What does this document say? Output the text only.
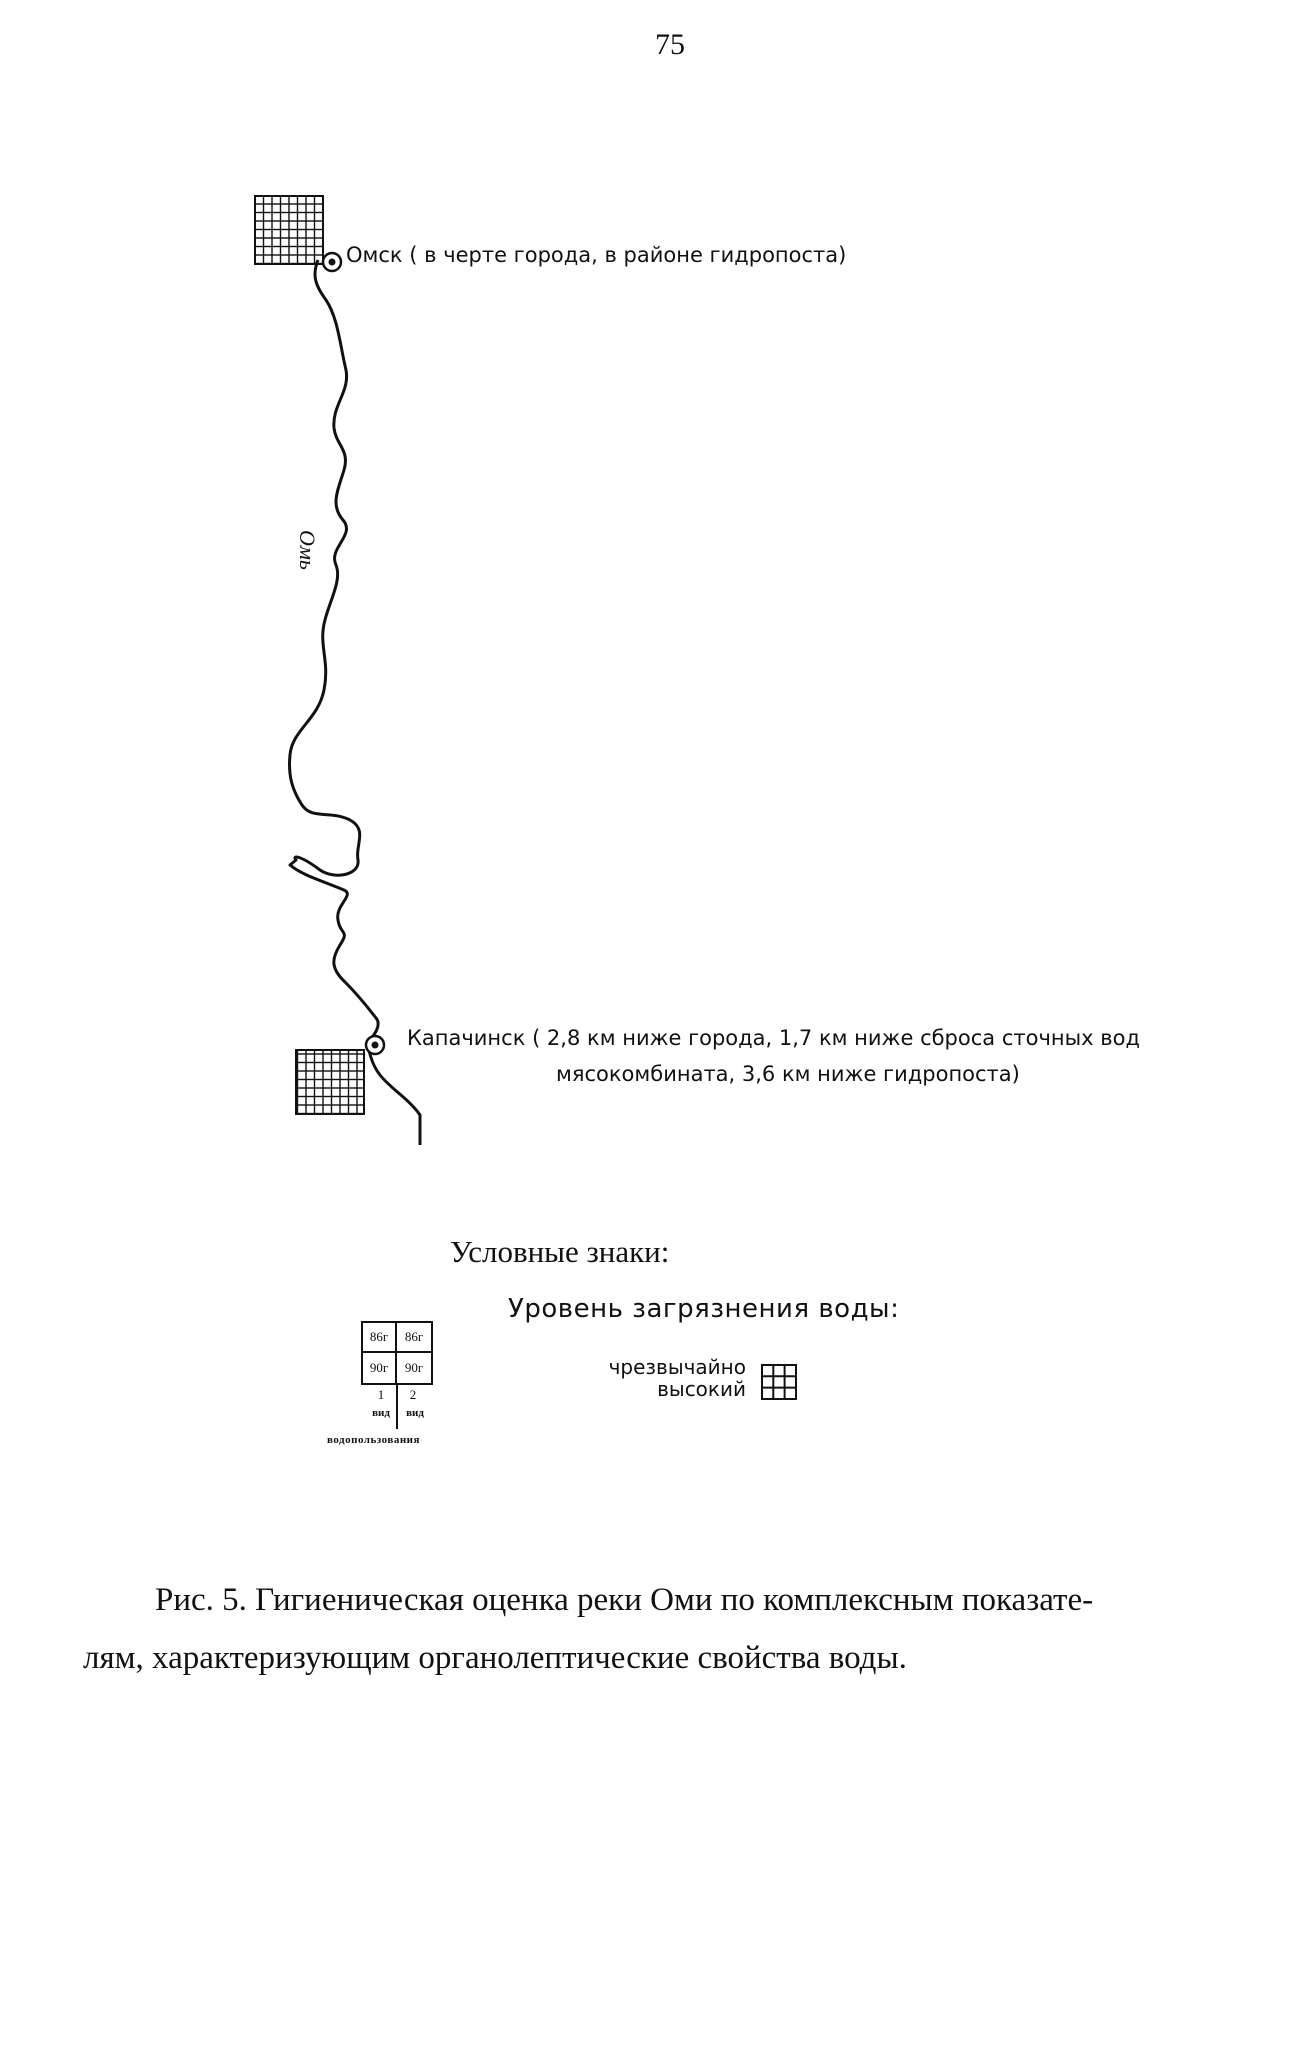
75
Омь
Омск ( в черте города, в районе гидропоста)
Капачинск ( 2,8 км ниже города, 1,7 км ниже сброса сточных вод
мясокомбината, 3,6 км ниже гидропоста)
Условные знаки:
Уровень загрязнения воды:
86г	86г
90г	90г
1	2
вид	вид
водопользования
чрезвычайно
высокий
Рис. 5. Гигиеническая оценка реки Оми по комплексным показате-
лям, характеризующим органолептические свойства воды.
